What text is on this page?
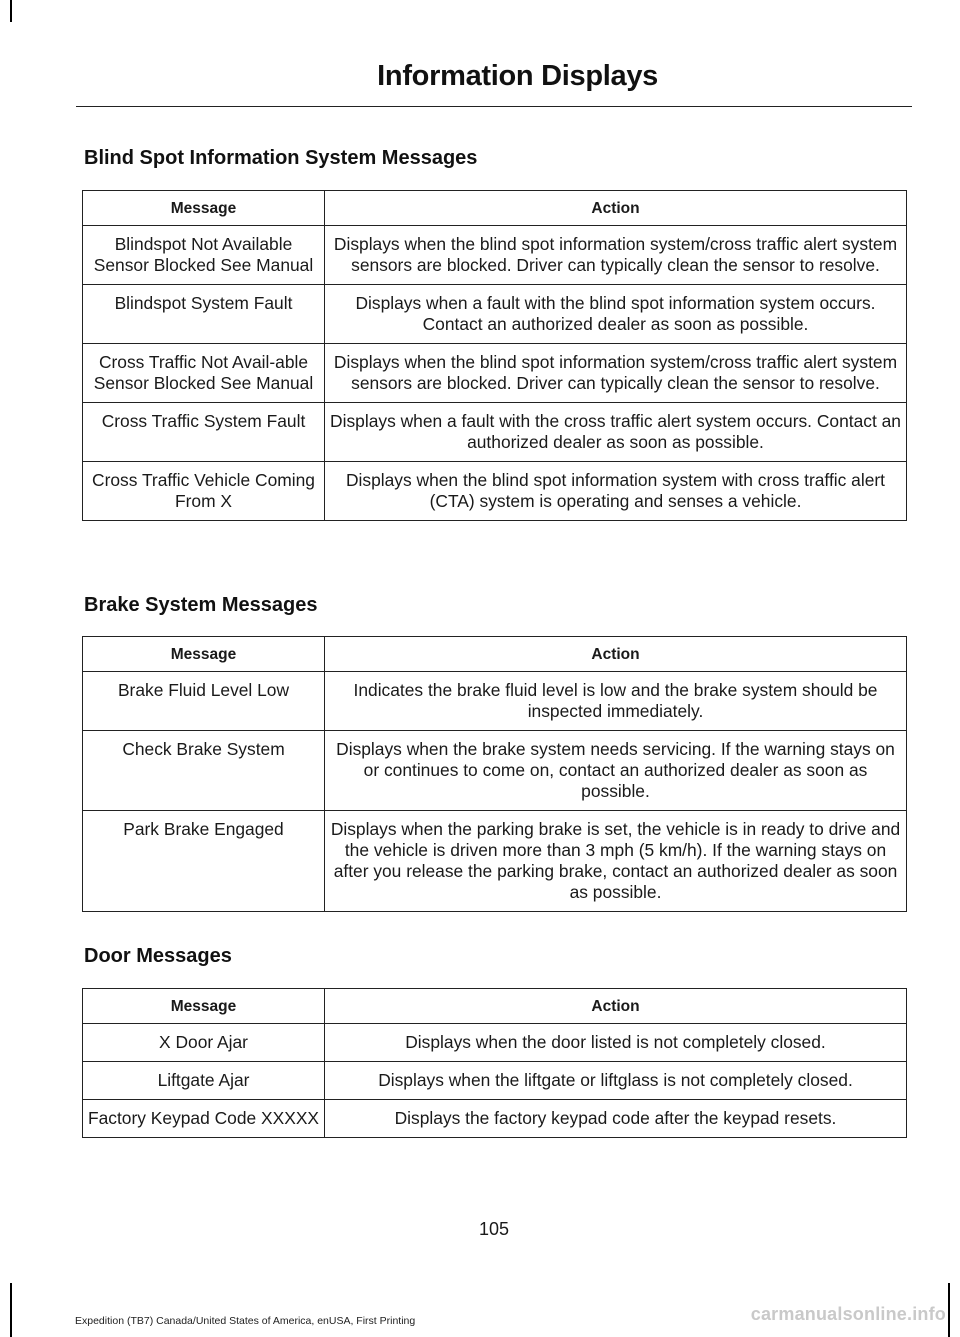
Information Displays
Blind Spot Information System Messages
Message	Action
Blindspot Not Available Sensor Blocked See Manual	Displays when the blind spot information system/cross traffic alert system sensors are blocked. Driver can typically clean the sensor to resolve.
Blindspot System Fault	Displays when a fault with the blind spot information system occurs. Contact an authorized dealer as soon as possible.
Cross Traffic Not Avail-able Sensor Blocked See Manual	Displays when the blind spot information system/cross traffic alert system sensors are blocked. Driver can typically clean the sensor to resolve.
Cross Traffic System Fault	Displays when a fault with the cross traffic alert system occurs. Contact an authorized dealer as soon as possible.
Cross Traffic Vehicle Coming From X	Displays when the blind spot information system with cross traffic alert (CTA) system is operating and senses a vehicle.
Brake System Messages
Message	Action
Brake Fluid Level Low	Indicates the brake fluid level is low and the brake system should be inspected immediately.
Check Brake System	Displays when the brake system needs servicing. If the warning stays on or continues to come on, contact an authorized dealer as soon as possible.
Park Brake Engaged	Displays when the parking brake is set, the vehicle is in ready to drive and the vehicle is driven more than 3 mph (5 km/h). If the warning stays on after you release the parking brake, contact an authorized dealer as soon as possible.
Door Messages
Message	Action
X Door Ajar	Displays when the door listed is not completely closed.
Liftgate Ajar	Displays when the liftgate or liftglass is not completely closed.
Factory Keypad Code XXXXX	Displays the factory keypad code after the keypad resets.
105
Expedition (TB7) Canada/United States of America, enUSA, First Printing	carmanualsonline.info
